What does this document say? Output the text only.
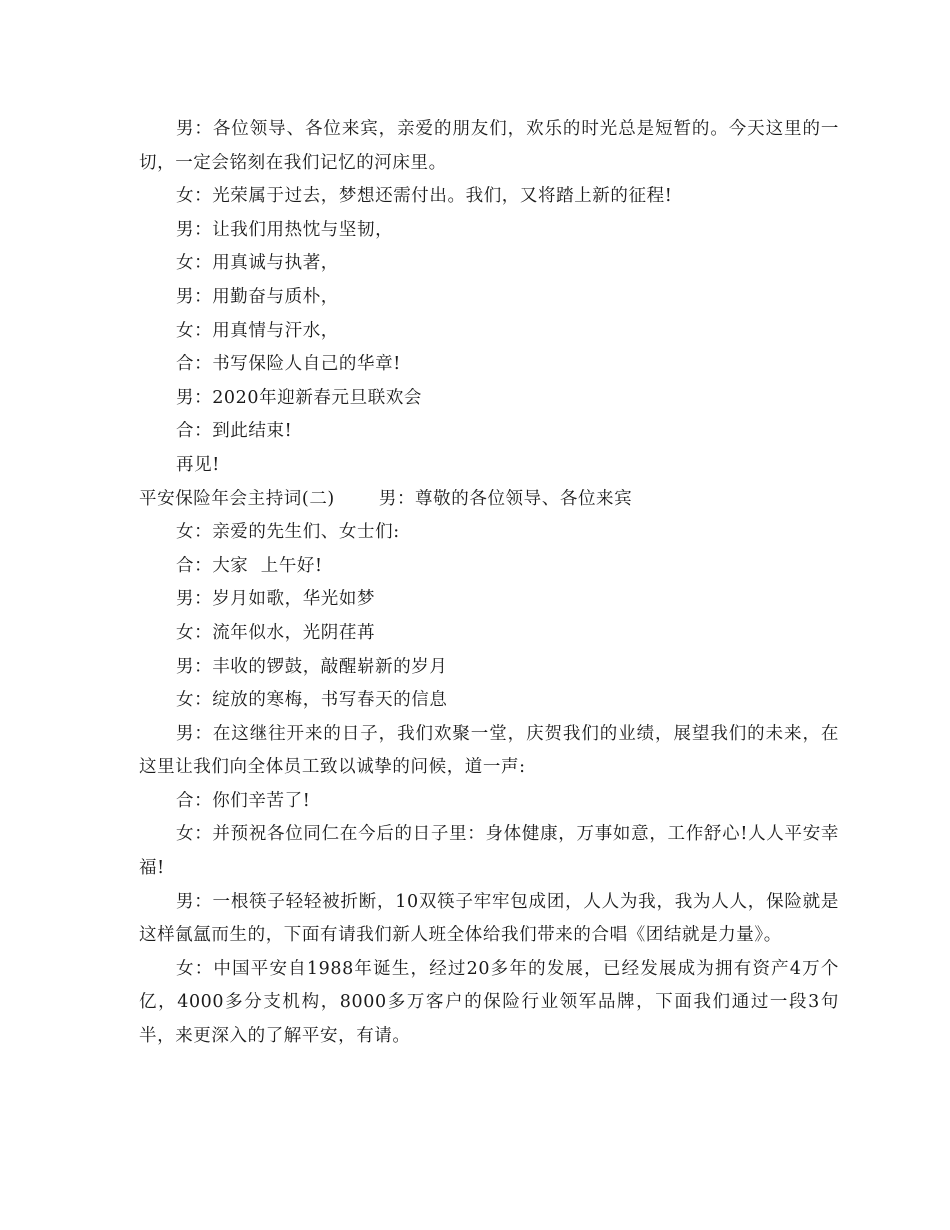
男：各位领导、各位来宾，亲爱的朋友们，欢乐的时光总是短暂的。今天这里的一切，一定会铭刻在我们记忆的河床里。

女：光荣属于过去，梦想还需付出。我们，又将踏上新的征程!

男：让我们用热忱与坚韧，

女：用真诚与执著，

男：用勤奋与质朴，

女：用真情与汗水，

合：书写保险人自己的华章!

男：2020年迎新春元旦联欢会

合：到此结束!

再见!

平安保险年会主持词(二)	男：尊敬的各位领导、各位来宾

女：亲爱的先生们、女士们:

合：大家  上午好!

男：岁月如歌，华光如梦

女：流年似水，光阴荏苒

男：丰收的锣鼓，敲醒崭新的岁月

女：绽放的寒梅，书写春天的信息

男：在这继往开来的日子，我们欢聚一堂，庆贺我们的业绩，展望我们的未来，在这里让我们向全体员工致以诚挚的问候，道一声:

合：你们辛苦了!

女：并预祝各位同仁在今后的日子里：身体健康，万事如意，工作舒心!人人平安幸福!

男：一根筷子轻轻被折断，10双筷子牢牢包成团，人人为我，我为人人，保险就是这样氤氲而生的，下面有请我们新人班全体给我们带来的合唱《团结就是力量》。

女：中国平安自1988年诞生，经过20多年的发展，已经发展成为拥有资产4万个亿，4000多分支机构，8000多万客户的保险行业领军品牌，下面我们通过一段3句半，来更深入的了解平安，有请。
